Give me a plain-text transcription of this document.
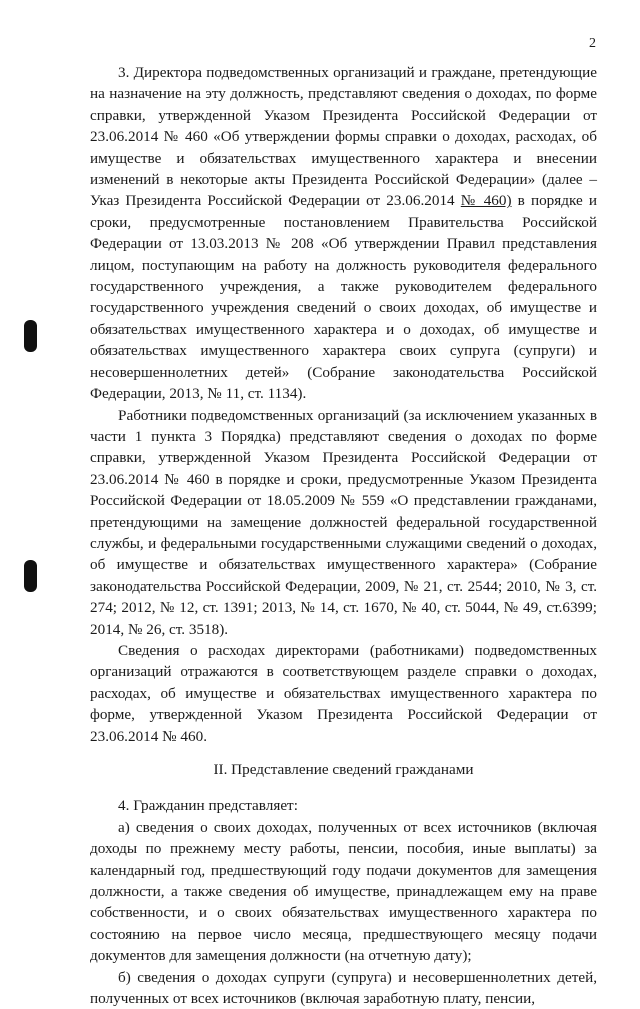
2

3. Директора подведомственных организаций и граждане, претендующие на назначение на эту должность, представляют сведения о доходах, по форме справки, утвержденной Указом Президента Российской Федерации от 23.06.2014 № 460 «Об утверждении формы справки о доходах, расходах, об имуществе и обязательствах имущественного характера и внесении изменений в некоторые акты Президента Российской Федерации» (далее – Указ Президента Российской Федерации от 23.06.2014 № 460) в порядке и сроки, предусмотренные постановлением Правительства Российской Федерации от 13.03.2013 № 208 «Об утверждении Правил представления лицом, поступающим на работу на должность руководителя федерального государственного учреждения, а также руководителем федерального государственного учреждения сведений о своих доходах, об имуществе и обязательствах имущественного характера и о доходах, об имуществе и обязательствах имущественного характера своих супруга (супруги) и несовершеннолетних детей» (Собрание законодательства Российской Федерации, 2013, № 11, ст. 1134).

Работники подведомственных организаций (за исключением указанных в части 1 пункта 3 Порядка) представляют сведения о доходах по форме справки, утвержденной Указом Президента Российской Федерации от 23.06.2014 № 460 в порядке и сроки, предусмотренные Указом Президента Российской Федерации от 18.05.2009 № 559 «О представлении гражданами, претендующими на замещение должностей федеральной государственной службы, и федеральными государственными служащими сведений о доходах, об имуществе и обязательствах имущественного характера» (Собрание законодательства Российской Федерации, 2009, № 21, ст. 2544; 2010, № 3, ст. 274; 2012, № 12, ст. 1391; 2013, № 14, ст. 1670, № 40, ст. 5044, № 49, ст.6399; 2014, № 26, ст. 3518).

Сведения о расходах директорами (работниками) подведомственных организаций отражаются в соответствующем разделе справки о доходах, расходах, об имуществе и обязательствах имущественного характера по форме, утвержденной Указом Президента Российской Федерации от 23.06.2014 № 460.

II. Представление сведений гражданами

4. Гражданин представляет:

а) сведения о своих доходах, полученных от всех источников (включая доходы по прежнему месту работы, пенсии, пособия, иные выплаты) за календарный год, предшествующий году подачи документов для замещения должности, а также сведения об имуществе, принадлежащем ему на праве собственности, и о своих обязательствах имущественного характера по состоянию на первое число месяца, предшествующего месяцу подачи документов для замещения должности (на отчетную дату);

б) сведения о доходах супруги (супруга) и несовершеннолетних детей, полученных от всех источников (включая заработную плату, пенсии,
